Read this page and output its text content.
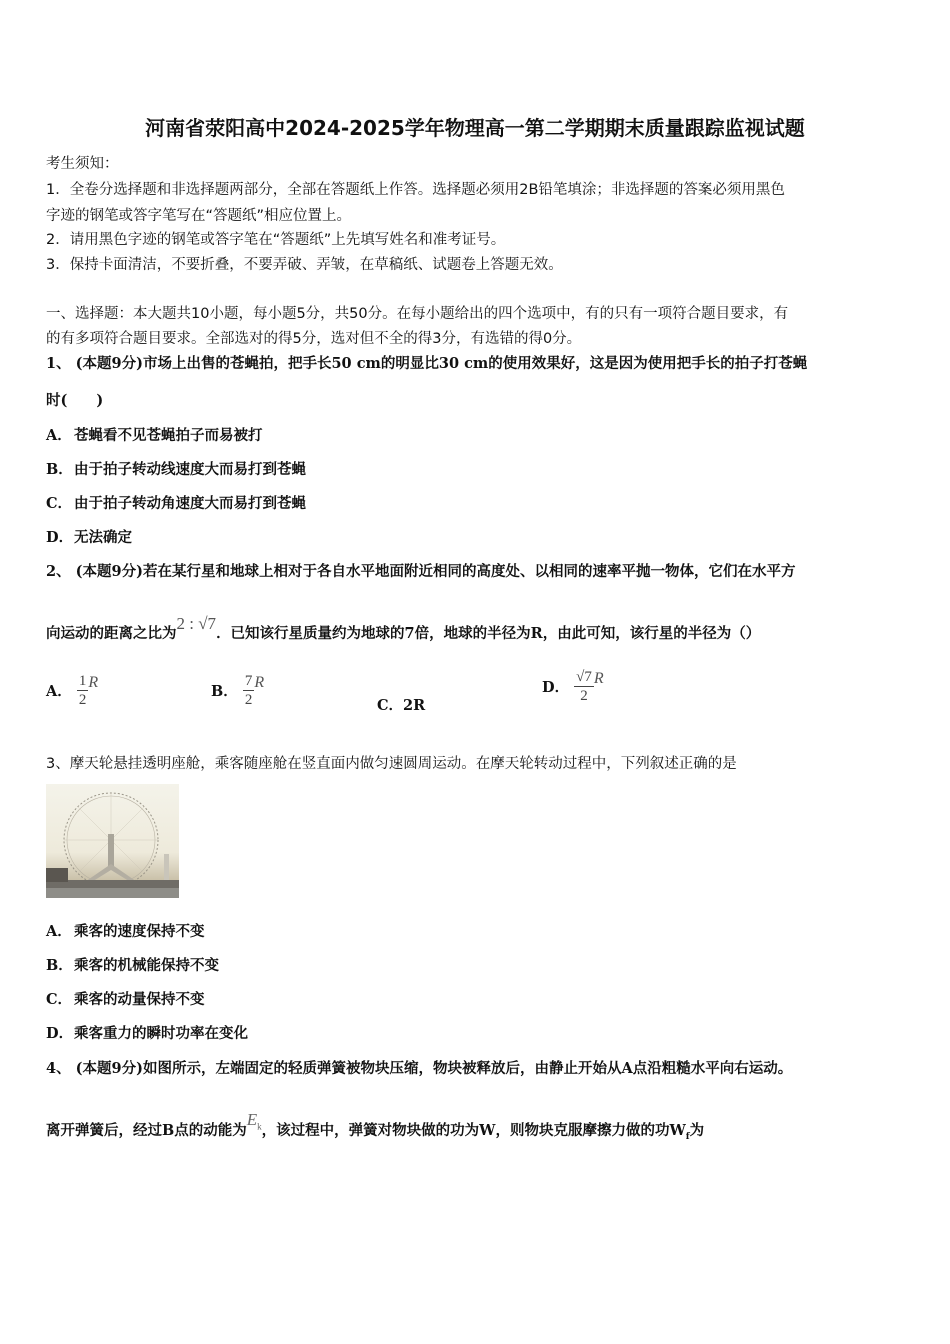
河南省荥阳高中2024-2025学年物理高一第二学期期末质量跟踪监视试题
考生须知：
1．全卷分选择题和非选择题两部分，全部在答题纸上作答。选择题必须用2B铅笔填涂；非选择题的答案必须用黑色
字迹的钢笔或答字笔写在“答题纸”相应位置上。
2．请用黑色字迹的钢笔或答字笔在“答题纸”上先填写姓名和准考证号。
3．保持卡面清洁，不要折叠，不要弄破、弄皱，在草稿纸、试题卷上答题无效。
一、选择题：本大题共10小题，每小题5分，共50分。在每小题给出的四个选项中，有的只有一项符合题目要求，有
的有多项符合题目要求。全部选对的得5分，选对但不全的得3分，有选错的得0分。
1、 (本题9分)市场上出售的苍蝇拍，把手长50 cm的明显比30 cm的使用效果好，这是因为使用把手长的拍子打苍蝇
时(　　)
A． 苍蝇看不见苍蝇拍子而易被打
B．由于拍子转动线速度大而易打到苍蝇
C． 由于拍子转动角速度大而易打到苍蝇
D．无法确定
2、 (本题9分)若在某行星和地球上相对于各自水平地面附近相同的高度处、以相同的速率平抛一物体，它们在水平方
向运动的距离之比为2 : √7．已知该行星质量约为地球的7倍，地球的半径为R，由此可知，该行星的半径为（）
A． $\frac{1}{2}$ R
B． $\frac{7}{2}$ R
C．2R
D． $\frac{√7}{2}$ R
3、摩天轮悬挂透明座舱，乘客随座舱在竖直面内做匀速圆周运动。在摩天轮转动过程中，下列叙述正确的是
A． 乘客的速度保持不变
B．乘客的机械能保持不变
C． 乘客的动量保持不变
D．乘客重力的瞬时功率在变化
4、 (本题9分)如图所示，左端固定的轻质弹簧被物块压缩，物块被释放后，由静止开始从A点沿粗糙水平向右运动。
离开弹簧后，经过B点的动能为$E_k$，该过程中，弹簧对物块做的功为W，则物块克服摩擦力做的功$W_f$为
